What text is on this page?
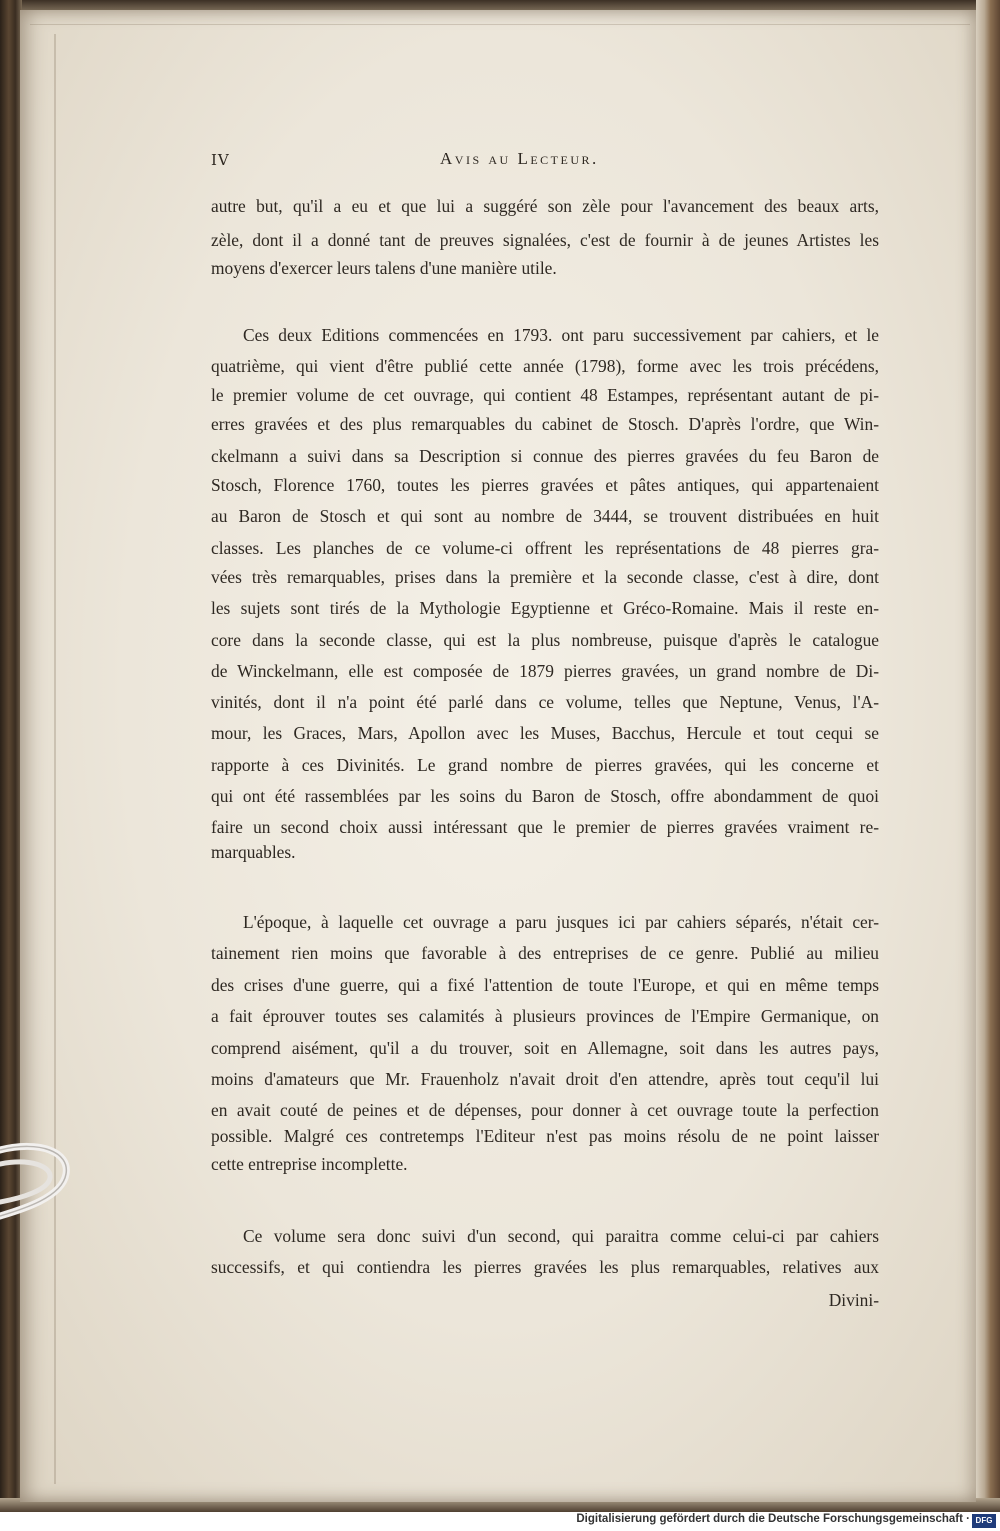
IV	Avis au Lecteur.
autre but, qu'il a eu et que lui a suggéré son zèle pour l'avancement des beaux arts,
zèle, dont il a donné tant de preuves signalées, c'est de fournir à de jeunes Artistes les
moyens d'exercer leurs talens d'une manière utile.
Ces deux Editions commencées en 1793. ont paru successivement par cahiers, et le
quatrième, qui vient d'être publié cette année (1798), forme avec les trois précédens,
le premier volume de cet ouvrage, qui contient 48 Estampes, représentant autant de pi-
erres gravées et des plus remarquables du cabinet de Stosch. D'après l'ordre, que Win-
ckelmann a suivi dans sa Description si connue des pierres gravées du feu Baron de
Stosch, Florence 1760, toutes les pierres gravées et pâtes antiques, qui appartenaient
au Baron de Stosch et qui sont au nombre de 3444, se trouvent distribuées en huit
classes. Les planches de ce volume-ci offrent les représentations de 48 pierres gra-
vées très remarquables, prises dans la première et la seconde classe, c'est à dire, dont
les sujets sont tirés de la Mythologie Egyptienne et Gréco-Romaine. Mais il reste en-
core dans la seconde classe, qui est la plus nombreuse, puisque d'après le catalogue
de Winckelmann, elle est composée de 1879 pierres gravées, un grand nombre de Di-
vinités, dont il n'a point été parlé dans ce volume, telles que Neptune, Venus, l'A-
mour, les Graces, Mars, Apollon avec les Muses, Bacchus, Hercule et tout cequi se
rapporte à ces Divinités. Le grand nombre de pierres gravées, qui les concerne et
qui ont été rassemblées par les soins du Baron de Stosch, offre abondamment de quoi
faire un second choix aussi intéressant que le premier de pierres gravées vraiment re-
marquables.
L'époque, à laquelle cet ouvrage a paru jusques ici par cahiers séparés, n'était cer-
tainement rien moins que favorable à des entreprises de ce genre. Publié au milieu
des crises d'une guerre, qui a fixé l'attention de toute l'Europe, et qui en même temps
a fait éprouver toutes ses calamités à plusieurs provinces de l'Empire Germanique, on
comprend aisément, qu'il a du trouver, soit en Allemagne, soit dans les autres pays,
moins d'amateurs que Mr. Frauenholz n'avait droit d'en attendre, après tout cequ'il lui
en avait couté de peines et de dépenses, pour donner à cet ouvrage toute la perfection
possible. Malgré ces contretemps l'Editeur n'est pas moins résolu de ne point laisser
cette entreprise incomplette.
Ce volume sera donc suivi d'un second, qui paraitra comme celui-ci par cahiers
successifs, et qui contiendra les pierres gravées les plus remarquables, relatives aux
Divini-
Digitalisierung gefördert durch die Deutsche Forschungsgemeinschaft · DFG
